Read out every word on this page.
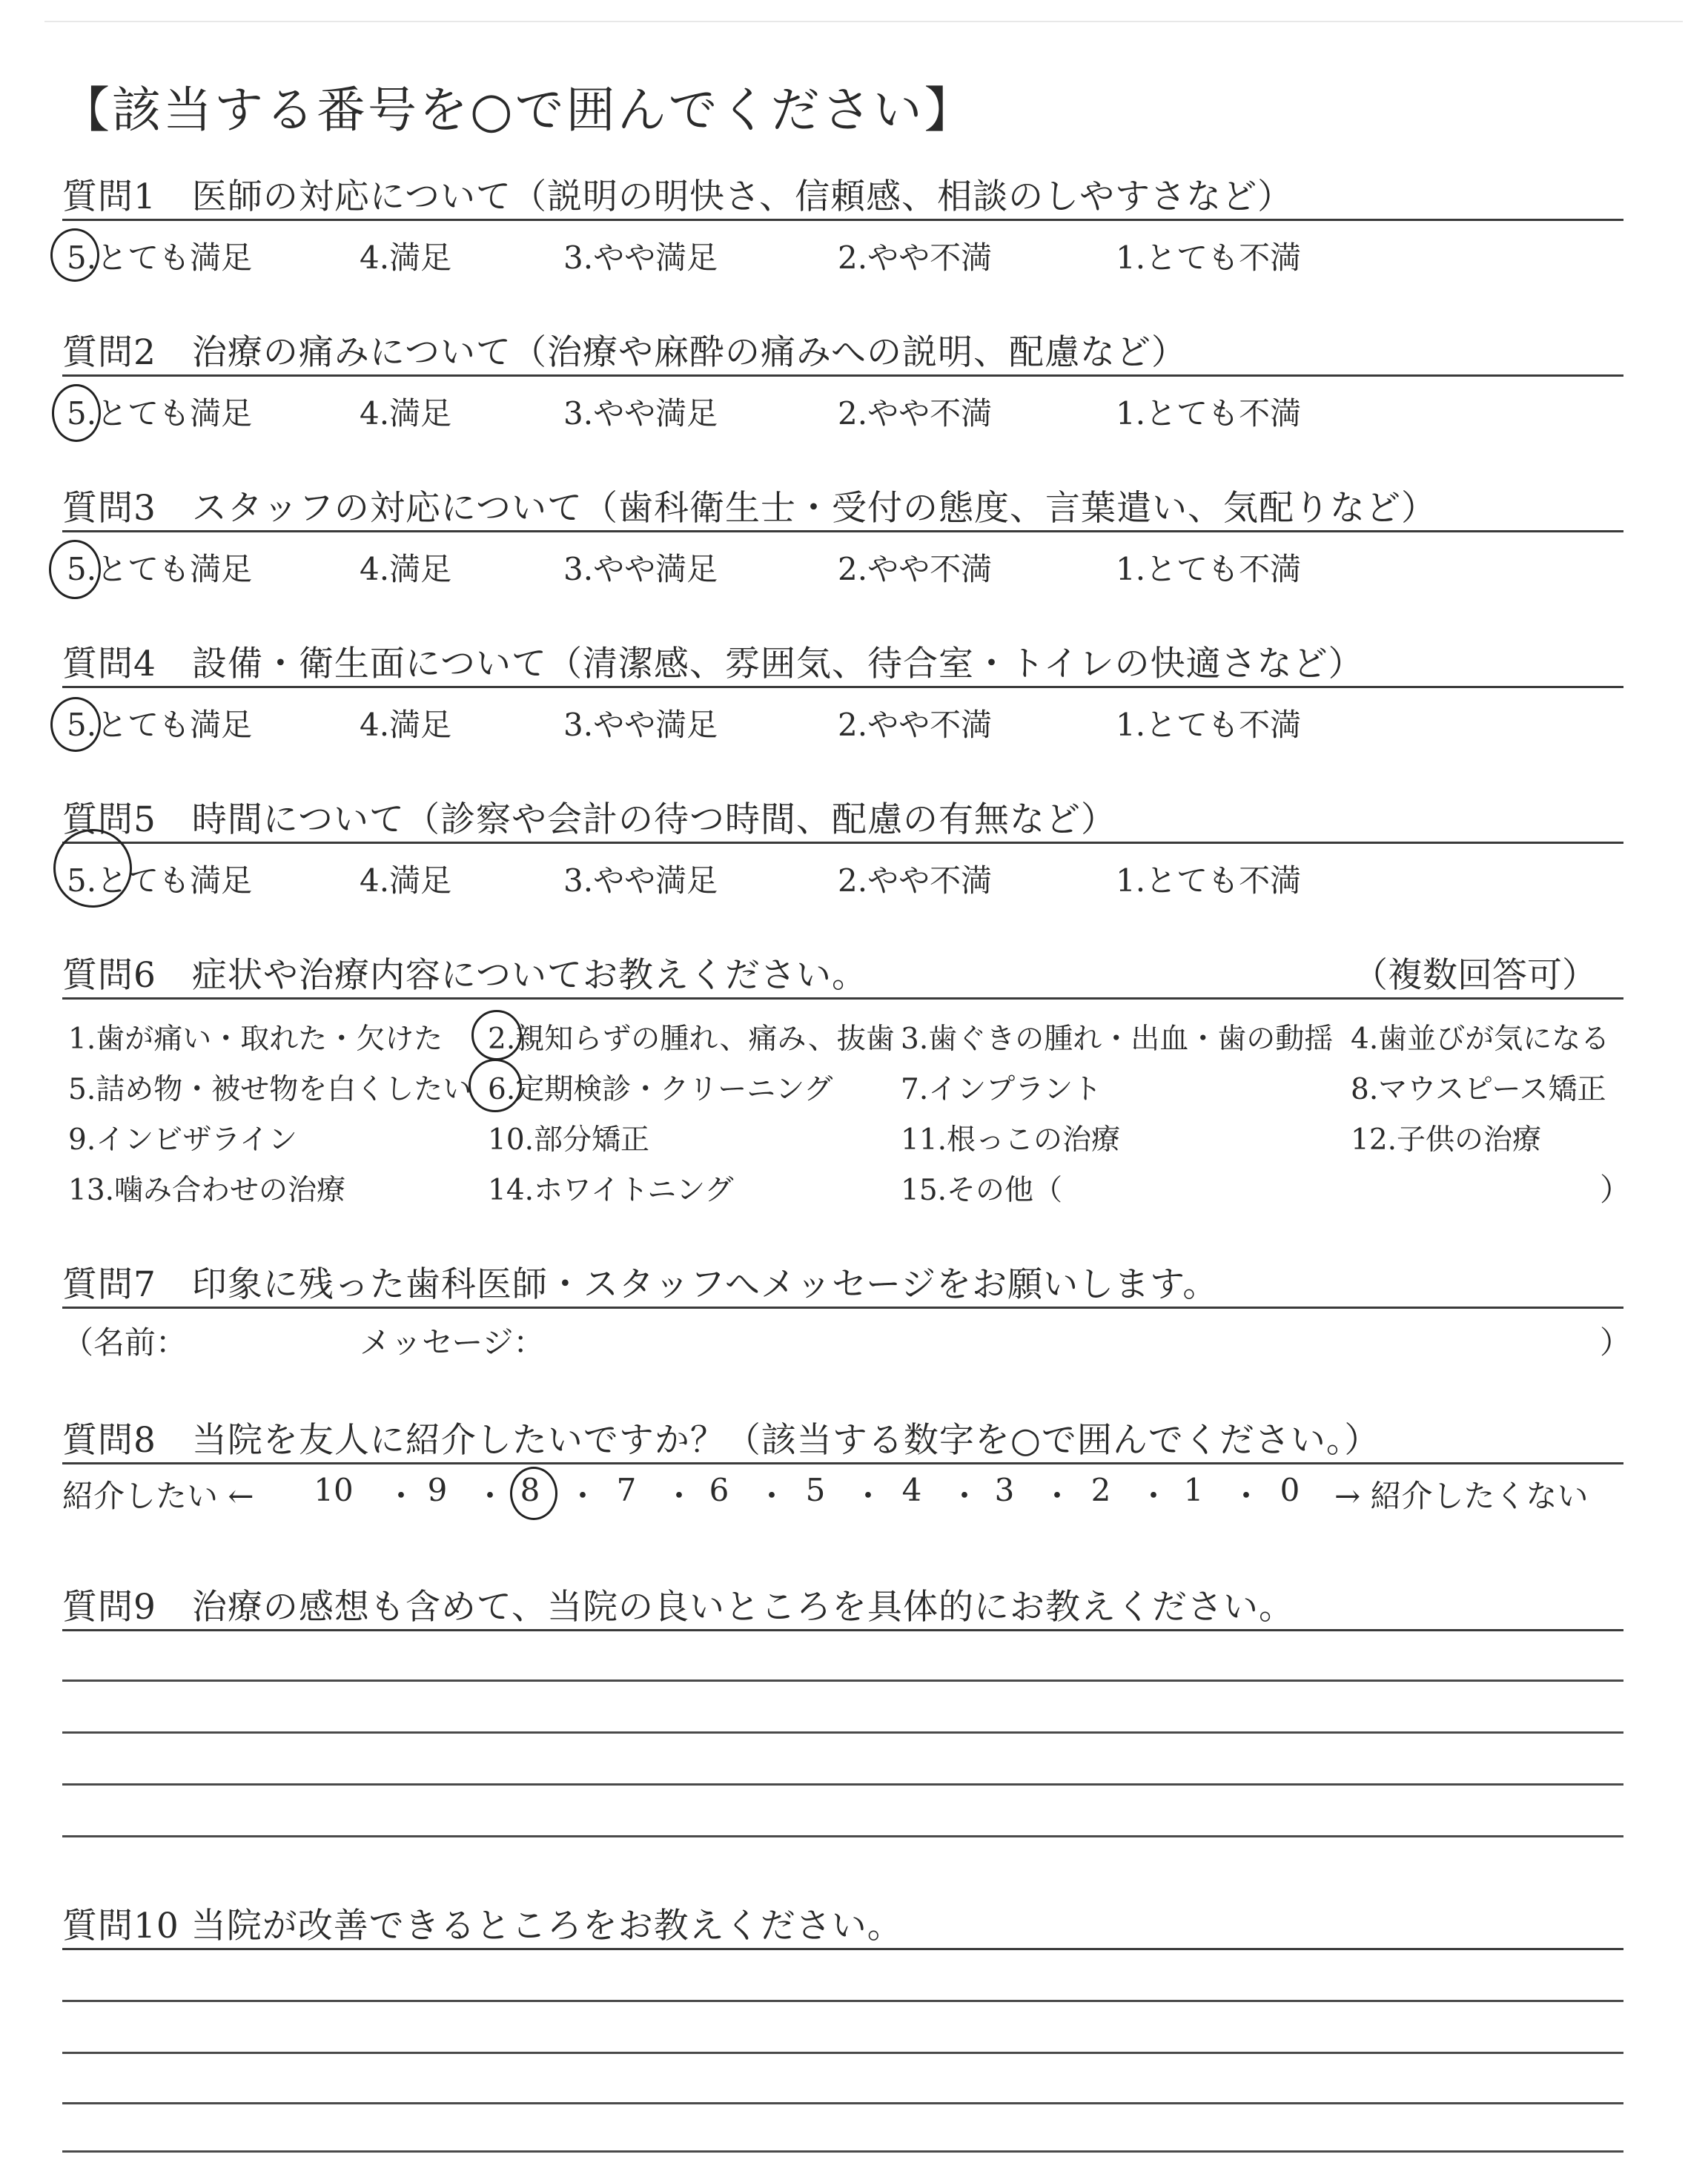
【該当する番号を○で囲んでください】
質問1　医師の対応について（説明の明快さ、信頼感、相談のしやすさなど）
5.とても満足	4.満足	3.やや満足	2.やや不満	1.とても不満
質問2　治療の痛みについて（治療や麻酔の痛みへの説明、配慮など）
5.とても満足	4.満足	3.やや満足	2.やや不満	1.とても不満
質問3　スタッフの対応について（歯科衛生士・受付の態度、言葉遣い、気配りなど）
5.とても満足	4.満足	3.やや満足	2.やや不満	1.とても不満
質問4　設備・衛生面について（清潔感、雰囲気、待合室・トイレの快適さなど）
5.とても満足	4.満足	3.やや満足	2.やや不満	1.とても不満
質問5　時間について（診察や会計の待つ時間、配慮の有無など）
5.とても満足	4.満足	3.やや満足	2.やや不満	1.とても不満
質問6　症状や治療内容についてお教えください。	（複数回答可）
1.歯が痛い・取れた・欠けた 2.親知らずの腫れ、痛み、抜歯 3.歯ぐきの腫れ・出血・歯の動揺 4.歯並びが気になる
5.詰め物・被せ物を白くしたい 6.定期検診・クリーニング 7.インプラント	8.マウスピース矯正
9.インビザライン	10.部分矯正	11.根っこの治療	12.子供の治療
13.噛み合わせの治療	14.ホワイトニング	15.その他（	）
質問7　印象に残った歯科医師・スタッフへメッセージをお願いします。
（名前：	メッセージ：	）
質問8　当院を友人に紹介したいですか？（該当する数字を○で囲んでください。）
紹介したい ← 10 ・ 9 ・ 8 ・ 7 ・ 6 ・ 5 ・ 4 ・ 3 ・ 2 ・ 1 ・ 0	→ 紹介したくない
質問9　治療の感想も含めて、当院の良いところを具体的にお教えください。
質問10 当院が改善できるところをお教えください。
